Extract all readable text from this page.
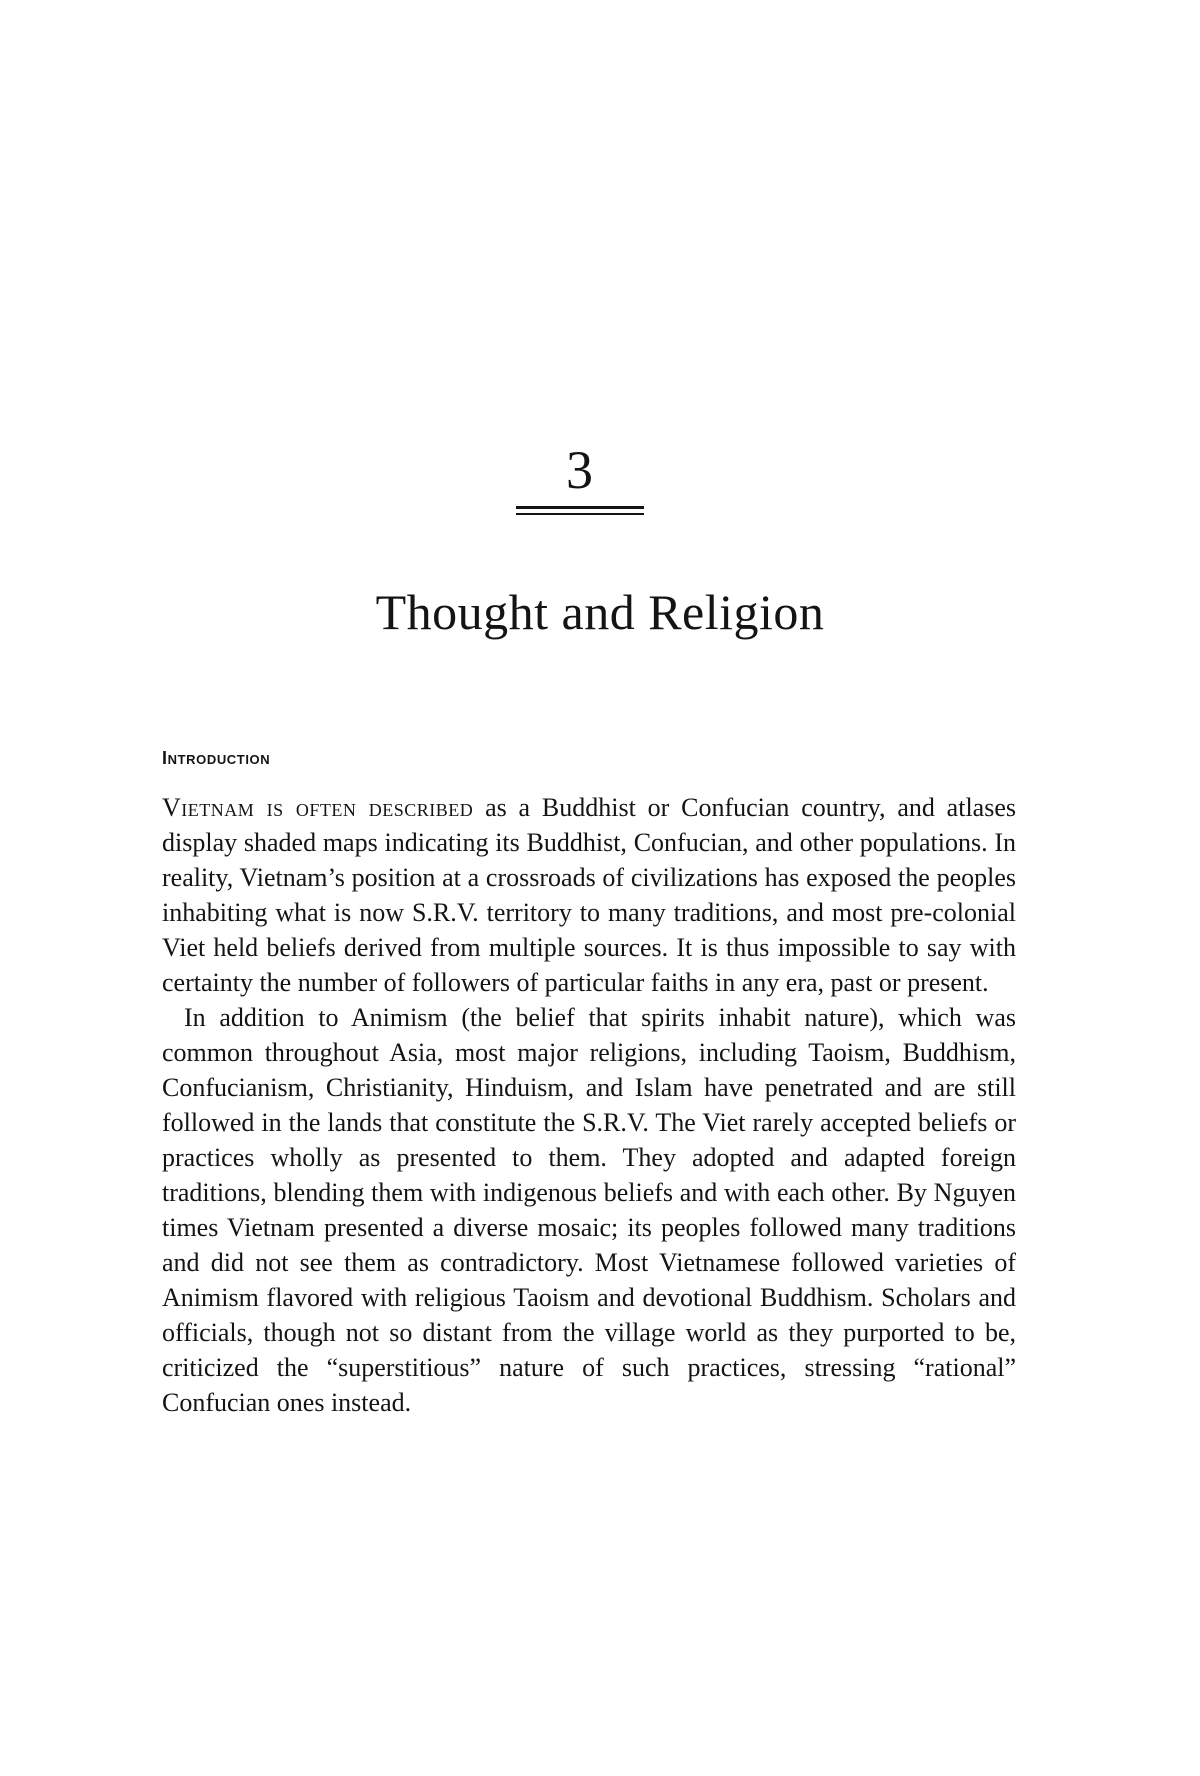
3
Thought and Religion
Introduction

Vietnam is often described as a Buddhist or Confucian country, and atlases display shaded maps indicating its Buddhist, Confucian, and other populations. In reality, Vietnam’s position at a crossroads of civilizations has exposed the peoples inhabiting what is now S.R.V. territory to many traditions, and most pre-colonial Viet held beliefs derived from multiple sources. It is thus impossible to say with certainty the number of followers of particular faiths in any era, past or present.

In addition to Animism (the belief that spirits inhabit nature), which was common throughout Asia, most major religions, including Taoism, Buddhism, Confucianism, Christianity, Hinduism, and Islam have penetrated and are still followed in the lands that constitute the S.R.V. The Viet rarely accepted beliefs or practices wholly as presented to them. They adopted and adapted foreign traditions, blending them with indigenous beliefs and with each other. By Nguyen times Vietnam presented a diverse mosaic; its peoples followed many traditions and did not see them as contradictory. Most Vietnamese followed varieties of Animism flavored with religious Taoism and devotional Buddhism. Scholars and officials, though not so distant from the village world as they purported to be, criticized the “superstitious” nature of such practices, stressing “rational” Confucian ones instead.
